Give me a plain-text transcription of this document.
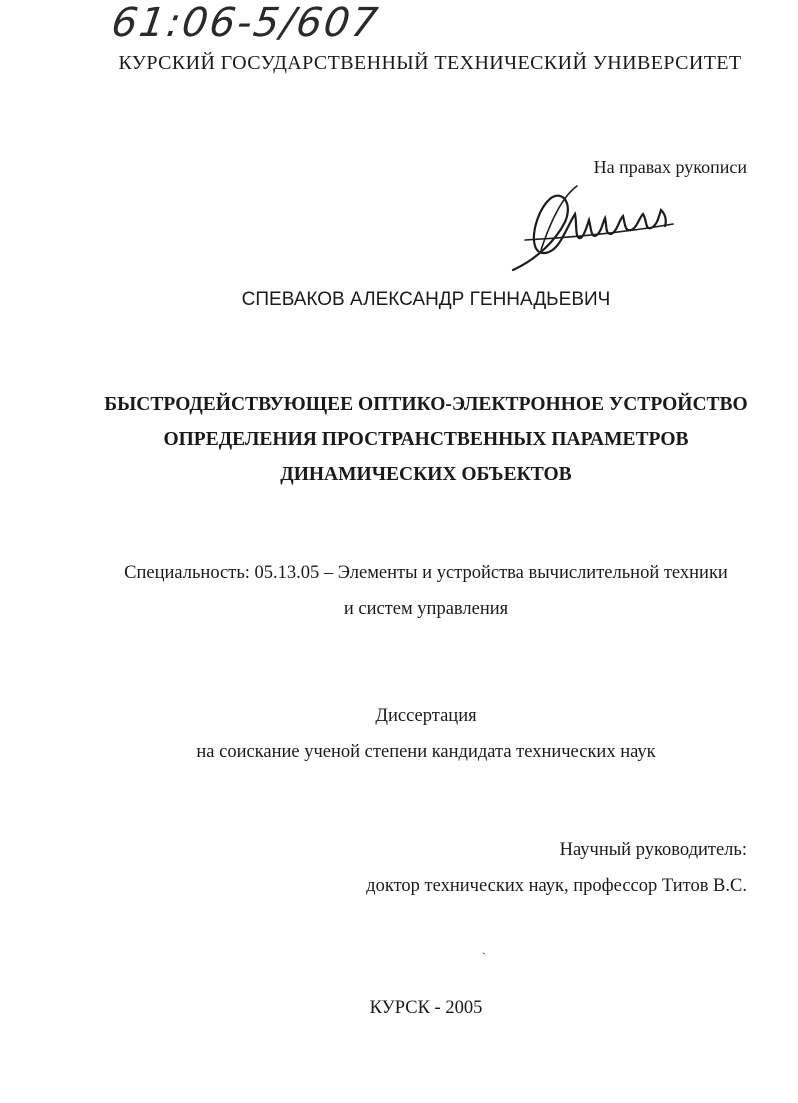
61:06-5/607
КУРСКИЙ ГОСУДАРСТВЕННЫЙ ТЕХНИЧЕСКИЙ УНИВЕРСИТЕТ
На правах рукописи
СПЕВАКОВ АЛЕКСАНДР ГЕННАДЬЕВИЧ
БЫСТРОДЕЙСТВУЮЩЕЕ ОПТИКО-ЭЛЕКТРОННОЕ УСТРОЙСТВО
ОПРЕДЕЛЕНИЯ ПРОСТРАНСТВЕННЫХ ПАРАМЕТРОВ
ДИНАМИЧЕСКИХ ОБЪЕКТОВ
Специальность: 05.13.05 – Элементы и устройства вычислительной техники
и систем управления
Диссертация
на соискание ученой степени кандидата технических наук
Научный руководитель:
доктор технических наук, профессор Титов В.С.
`
КУРСК - 2005
